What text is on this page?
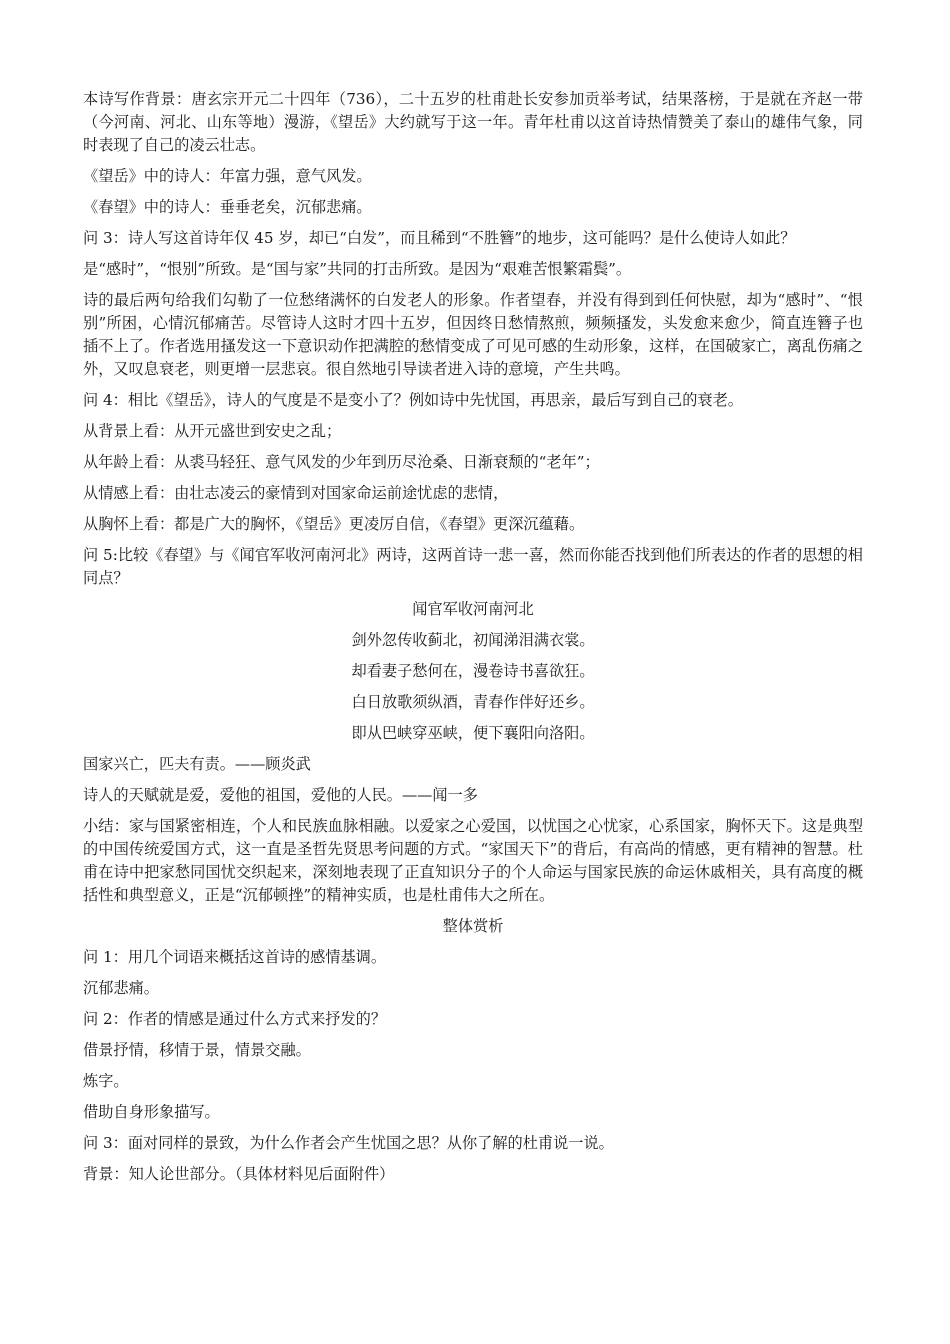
本诗写作背景：唐玄宗开元二十四年（736），二十五岁的杜甫赴长安参加贡举考试，结果落榜，于是就在齐赵一带（今河南、河北、山东等地）漫游，《望岳》大约就写于这一年。青年杜甫以这首诗热情赞美了泰山的雄伟气象，同时表现了自己的凌云壮志。

《望岳》中的诗人：年富力强，意气风发。

《春望》中的诗人：垂垂老矣，沉郁悲痛。

问 3：诗人写这首诗年仅 45 岁，却已“白发”，而且稀到“不胜簪”的地步，这可能吗？是什么使诗人如此？

是“感时”，“恨别”所致。是“国与家”共同的打击所致。是因为“艰难苦恨繁霜鬓”。

诗的最后两句给我们勾勒了一位愁绪满怀的白发老人的形象。作者望春，并没有得到到任何快慰，却为“感时”、“恨别”所困，心情沉郁痛苦。尽管诗人这时才四十五岁，但因终日愁情熬煎，频频搔发，头发愈来愈少，简直连簪子也插不上了。作者选用搔发这一下意识动作把满腔的愁情变成了可见可感的生动形象，这样，在国破家亡，离乱伤痛之外，又叹息衰老，则更增一层悲哀。很自然地引导读者进入诗的意境，产生共鸣。

问 4：相比《望岳》，诗人的气度是不是变小了？例如诗中先忧国，再思亲，最后写到自己的衰老。

从背景上看：从开元盛世到安史之乱；

从年龄上看：从裘马轻狂、意气风发的少年到历尽沧桑、日渐衰颓的“老年”；

从情感上看：由壮志凌云的豪情到对国家命运前途忧虑的悲情，

从胸怀上看：都是广大的胸怀，《望岳》更凌厉自信，《春望》更深沉蕴藉。

问 5:比较《春望》与《闻官军收河南河北》两诗，这两首诗一悲一喜，然而你能否找到他们所表达的作者的思想的相同点？

闻官军收河南河北

剑外忽传收蓟北，初闻涕泪满衣裳。

却看妻子愁何在，漫卷诗书喜欲狂。

白日放歌须纵酒，青春作伴好还乡。

即从巴峡穿巫峡，便下襄阳向洛阳。

国家兴亡，匹夫有责。——顾炎武

诗人的天赋就是爱，爱他的祖国，爱他的人民。——闻一多

小结：家与国紧密相连，个人和民族血脉相融。以爱家之心爱国，以忧国之心忧家，心系国家，胸怀天下。这是典型的中国传统爱国方式，这一直是圣哲先贤思考问题的方式。“家国天下”的背后，有高尚的情感，更有精神的智慧。杜甫在诗中把家愁同国忧交织起来，深刻地表现了正直知识分子的个人命运与国家民族的命运休戚相关，具有高度的概括性和典型意义，正是“沉郁顿挫”的精神实质，也是杜甫伟大之所在。

整体赏析

问 1：用几个词语来概括这首诗的感情基调。

沉郁悲痛。

问 2：作者的情感是通过什么方式来抒发的？

借景抒情，移情于景，情景交融。

炼字。

借助自身形象描写。

问 3：面对同样的景致，为什么作者会产生忧国之思？从你了解的杜甫说一说。

背景：知人论世部分。（具体材料见后面附件）
